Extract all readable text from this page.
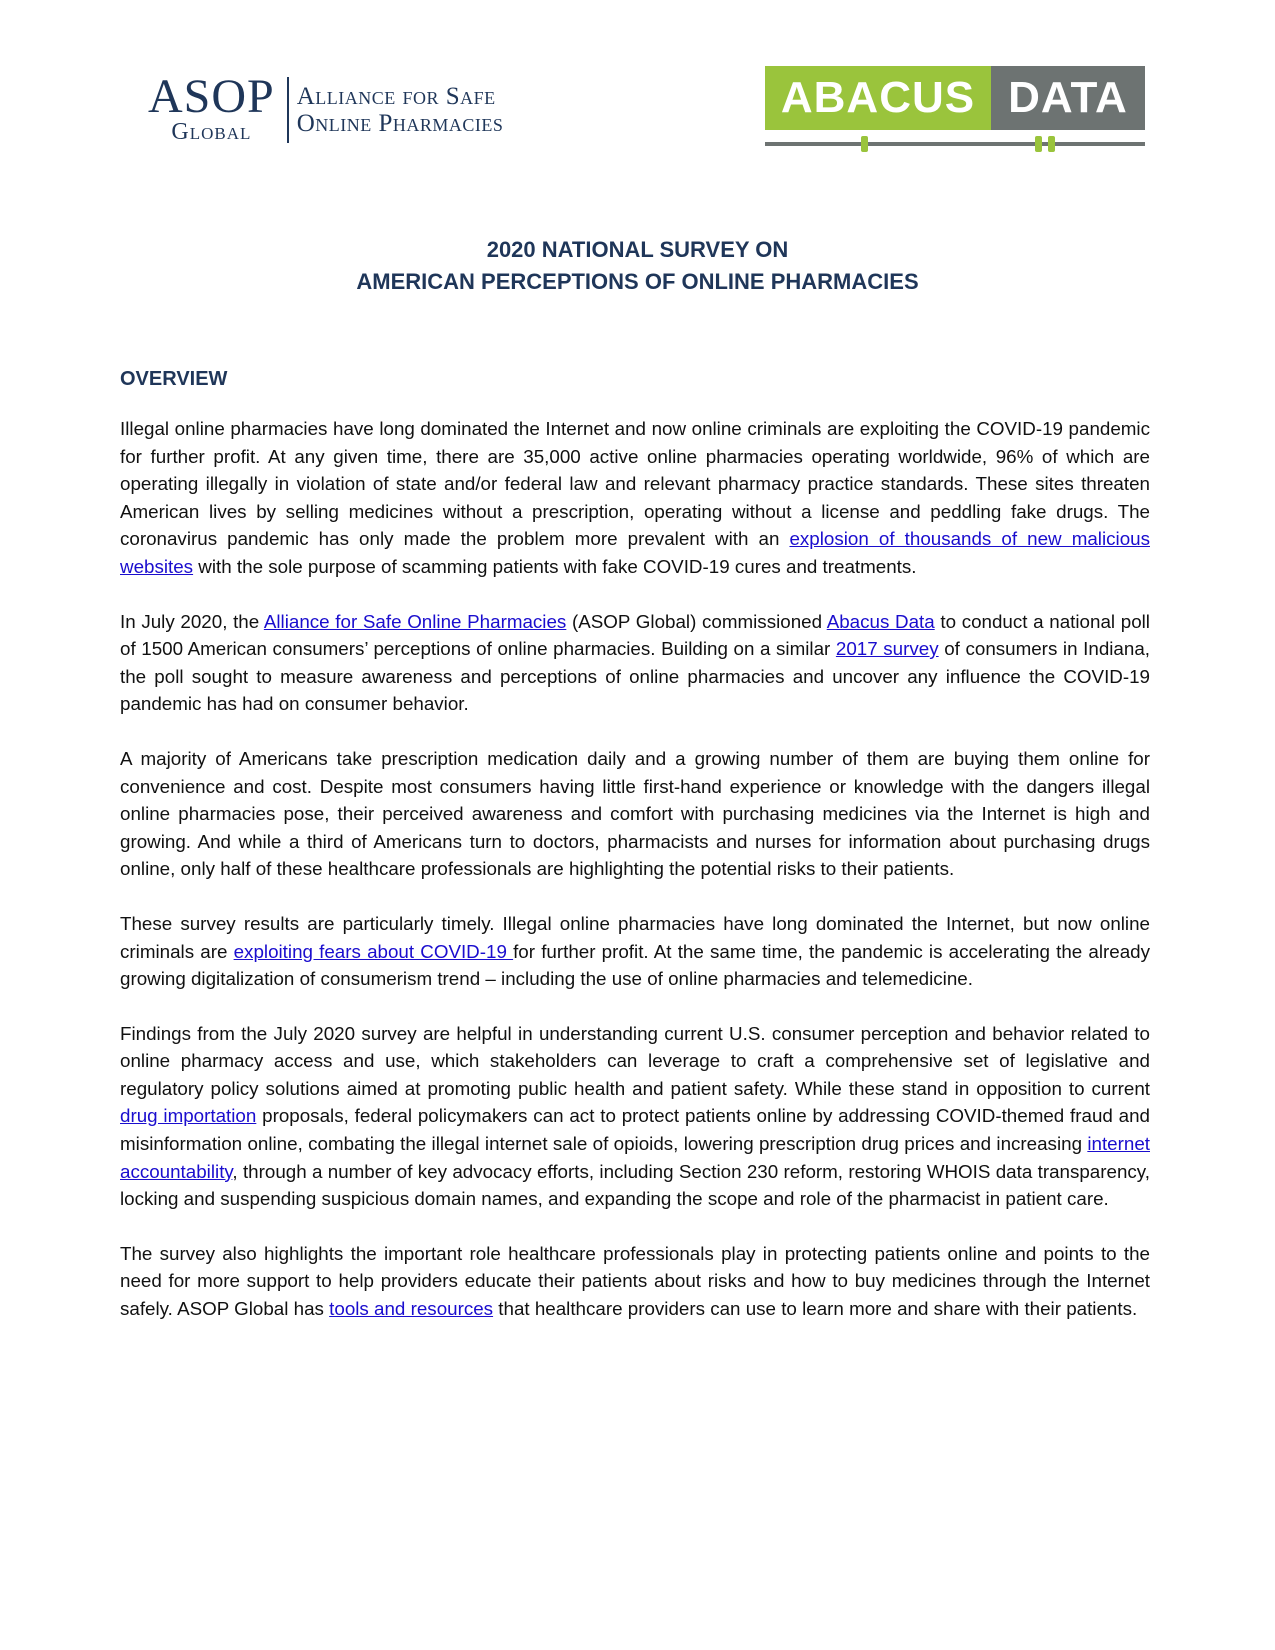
ASOP
Global
Alliance for Safe
Online Pharmacies
ABACUS DATA
2020 NATIONAL SURVEY ON
AMERICAN PERCEPTIONS OF ONLINE PHARMACIES
OVERVIEW

Illegal online pharmacies have long dominated the Internet and now online criminals are exploiting the COVID-19 pandemic for further profit. At any given time, there are 35,000 active online pharmacies operating worldwide, 96% of which are operating illegally in violation of state and/or federal law and relevant pharmacy practice standards. These sites threaten American lives by selling medicines without a prescription, operating without a license and peddling fake drugs. The coronavirus pandemic has only made the problem more prevalent with an explosion of thousands of new malicious websites with the sole purpose of scamming patients with fake COVID-19 cures and treatments.

In July 2020, the Alliance for Safe Online Pharmacies (ASOP Global) commissioned Abacus Data to conduct a national poll of 1500 American consumers’ perceptions of online pharmacies. Building on a similar 2017 survey of consumers in Indiana, the poll sought to measure awareness and perceptions of online pharmacies and uncover any influence the COVID-19 pandemic has had on consumer behavior.

A majority of Americans take prescription medication daily and a growing number of them are buying them online for convenience and cost. Despite most consumers having little first-hand experience or knowledge with the dangers illegal online pharmacies pose, their perceived awareness and comfort with purchasing medicines via the Internet is high and growing. And while a third of Americans turn to doctors, pharmacists and nurses for information about purchasing drugs online, only half of these healthcare professionals are highlighting the potential risks to their patients.

These survey results are particularly timely. Illegal online pharmacies have long dominated the Internet, but now online criminals are exploiting fears about COVID-19 for further profit. At the same time, the pandemic is accelerating the already growing digitalization of consumerism trend – including the use of online pharmacies and telemedicine.

Findings from the July 2020 survey are helpful in understanding current U.S. consumer perception and behavior related to online pharmacy access and use, which stakeholders can leverage to craft a comprehensive set of legislative and regulatory policy solutions aimed at promoting public health and patient safety. While these stand in opposition to current drug importation proposals, federal policymakers can act to protect patients online by addressing COVID-themed fraud and misinformation online, combating the illegal internet sale of opioids, lowering prescription drug prices and increasing internet accountability, through a number of key advocacy efforts, including Section 230 reform, restoring WHOIS data transparency, locking and suspending suspicious domain names, and expanding the scope and role of the pharmacist in patient care.

The survey also highlights the important role healthcare professionals play in protecting patients online and points to the need for more support to help providers educate their patients about risks and how to buy medicines through the Internet safely. ASOP Global has tools and resources that healthcare providers can use to learn more and share with their patients.
